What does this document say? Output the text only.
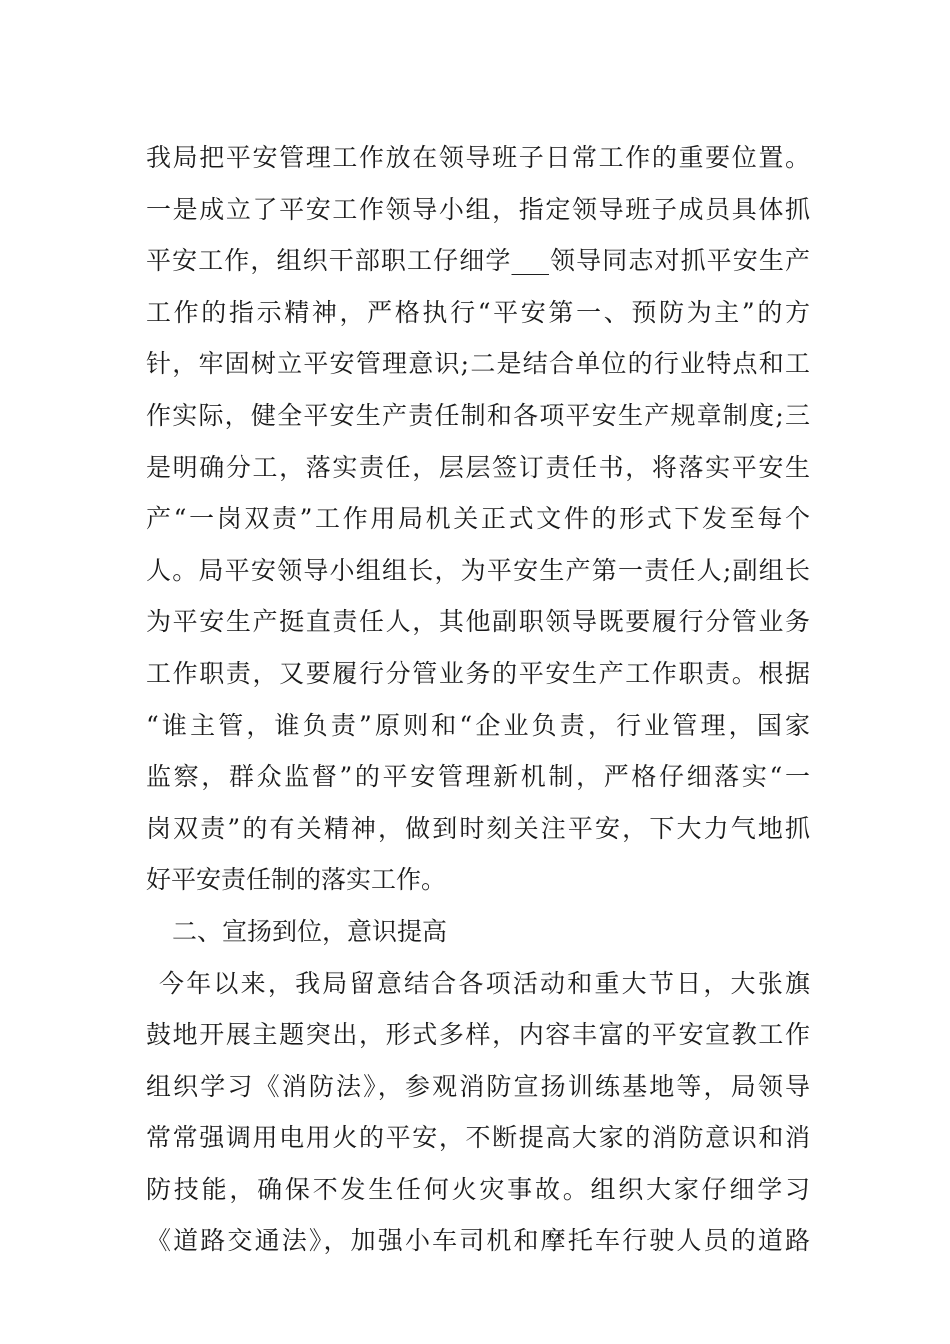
我局把平安管理工作放在领导班子日常工作的重要位置。
一是成立了平安工作领导小组，指定领导班子成员具体抓
平安工作，组织干部职工仔细学___领导同志对抓平安生产
工作的指示精神，严格执行“平安第一、预防为主”的方
针，牢固树立平安管理意识;二是结合单位的行业特点和工
作实际，健全平安生产责任制和各项平安生产规章制度;三
是明确分工，落实责任，层层签订责任书，将落实平安生
产“一岗双责”工作用局机关正式文件的形式下发至每个
人。局平安领导小组组长，为平安生产第一责任人;副组长
为平安生产挺直责任人，其他副职领导既要履行分管业务
工作职责，又要履行分管业务的平安生产工作职责。根据
“谁主管，谁负责”原则和“企业负责，行业管理，国家
监察，群众监督”的平安管理新机制，严格仔细落实“一
岗双责”的有关精神，做到时刻关注平安，下大力气地抓
好平安责任制的落实工作。
二、宣扬到位，意识提高
今年以来，我局留意结合各项活动和重大节日，大张旗
鼓地开展主题突出，形式多样，内容丰富的平安宣教工作
组织学习《消防法》，参观消防宣扬训练基地等，局领导
常常强调用电用火的平安，不断提高大家的消防意识和消
防技能，确保不发生任何火灾事故。组织大家仔细学习
《道路交通法》，加强小车司机和摩托车行驶人员的道路
